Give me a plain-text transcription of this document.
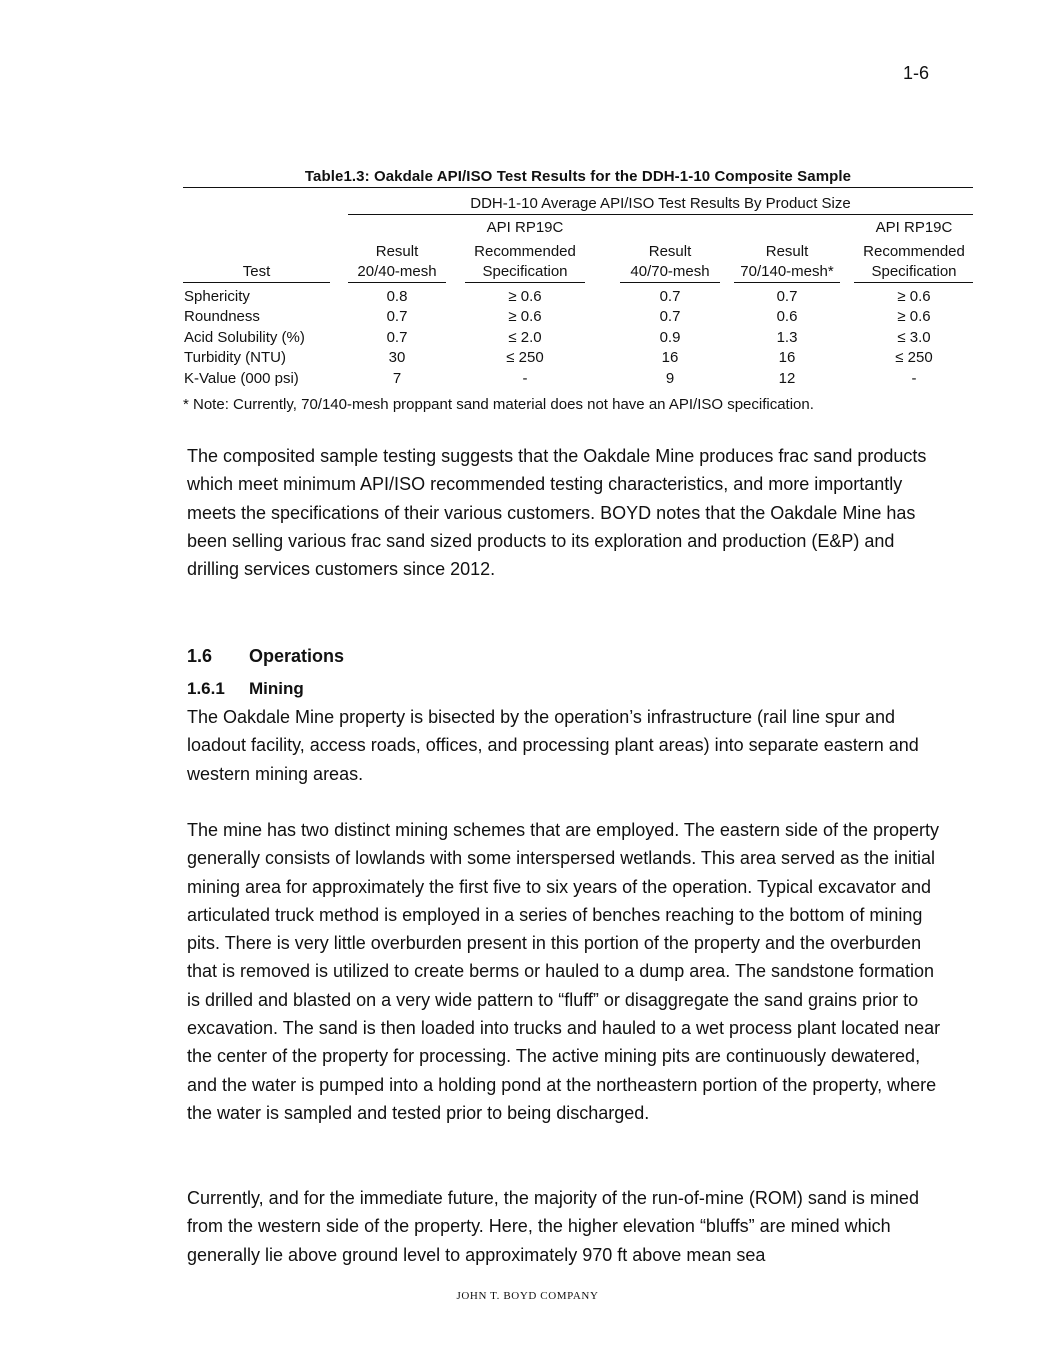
1-6
Table1.3: Oakdale API/ISO Test Results for the DDH-1-10 Composite Sample
DDH-1-10 Average API/ISO Test Results By Product Size
API RP19C	API RP19C
Result	Recommended	Result	Result	Recommended
Test	20/40-mesh	Specification	40/70-mesh	70/140-mesh*	Specification
Sphericity	0.8	≥ 0.6	0.7	0.7	≥ 0.6
Roundness	0.7	≥ 0.6	0.7	0.6	≥ 0.6
Acid Solubility (%)	0.7	≤ 2.0	0.9	1.3	≤ 3.0
Turbidity (NTU)	30	≤ 250	16	16	≤ 250
K-Value (000 psi)	7	-	9	12	-
* Note: Currently, 70/140-mesh proppant sand material does not have an API/ISO specification.

The composited sample testing suggests that the Oakdale Mine produces frac sand products which meet minimum API/ISO recommended testing characteristics, and more importantly meets the specifications of their various customers. BOYD notes that the Oakdale Mine has been selling various frac sand sized products to its exploration and production (E&P) and drilling services customers since 2012.

1.6 Operations
1.6.1 Mining

The Oakdale Mine property is bisected by the operation’s infrastructure (rail line spur and loadout facility, access roads, offices, and processing plant areas) into separate eastern and western mining areas.

The mine has two distinct mining schemes that are employed. The eastern side of the property generally consists of lowlands with some interspersed wetlands. This area served as the initial mining area for approximately the first five to six years of the operation. Typical excavator and articulated truck method is employed in a series of benches reaching to the bottom of mining pits. There is very little overburden present in this portion of the property and the overburden that is removed is utilized to create berms or hauled to a dump area. The sandstone formation is drilled and blasted on a very wide pattern to “fluff” or disaggregate the sand grains prior to excavation. The sand is then loaded into trucks and hauled to a wet process plant located near the center of the property for processing. The active mining pits are continuously dewatered, and the water is pumped into a holding pond at the northeastern portion of the property, where the water is sampled and tested prior to being discharged.

Currently, and for the immediate future, the majority of the run-of-mine (ROM) sand is mined from the western side of the property. Here, the higher elevation “bluffs” are mined which generally lie above ground level to approximately 970 ft above mean sea

JOHN T. BOYD COMPANY
